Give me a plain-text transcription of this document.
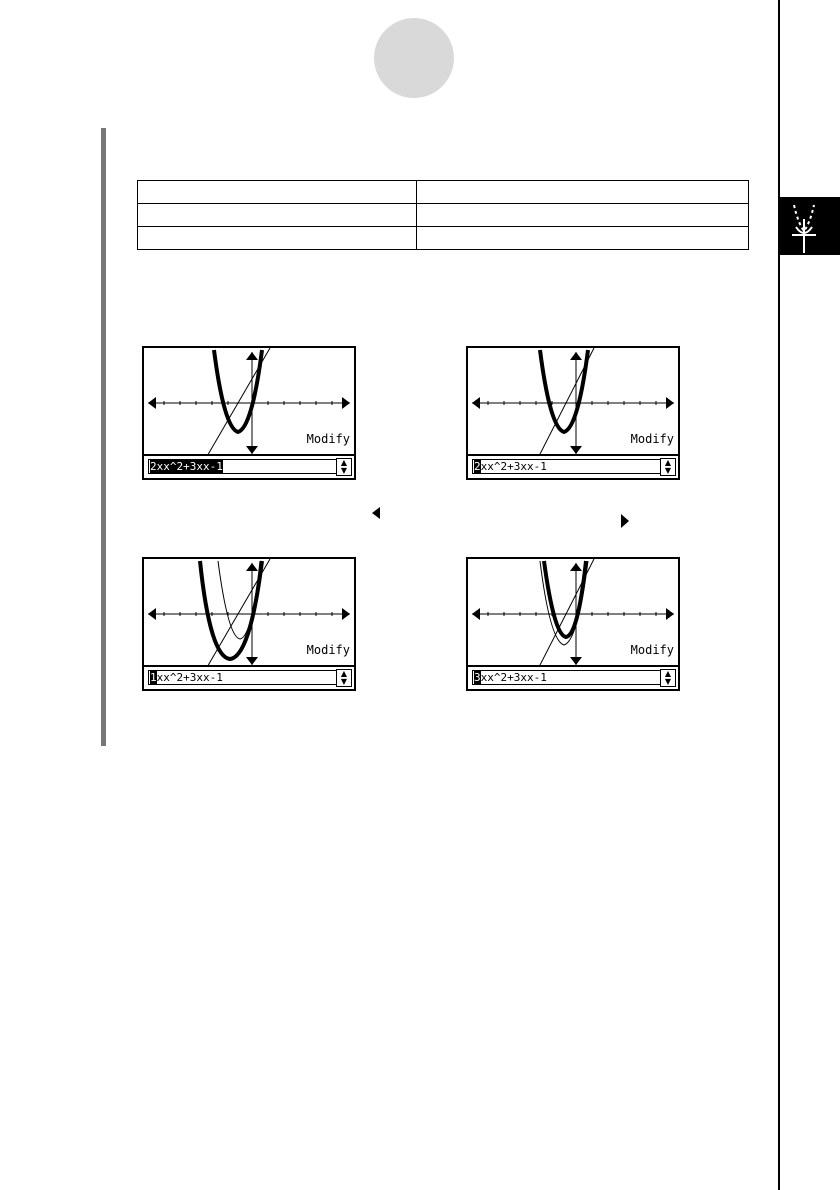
Modify
2xx^2+3xx-1	▲
▼
Modify
2xx^2+3xx-1	▲
▼
Modify
1xx^2+3xx-1	▲
▼
Modify
3xx^2+3xx-1	▲
▼
